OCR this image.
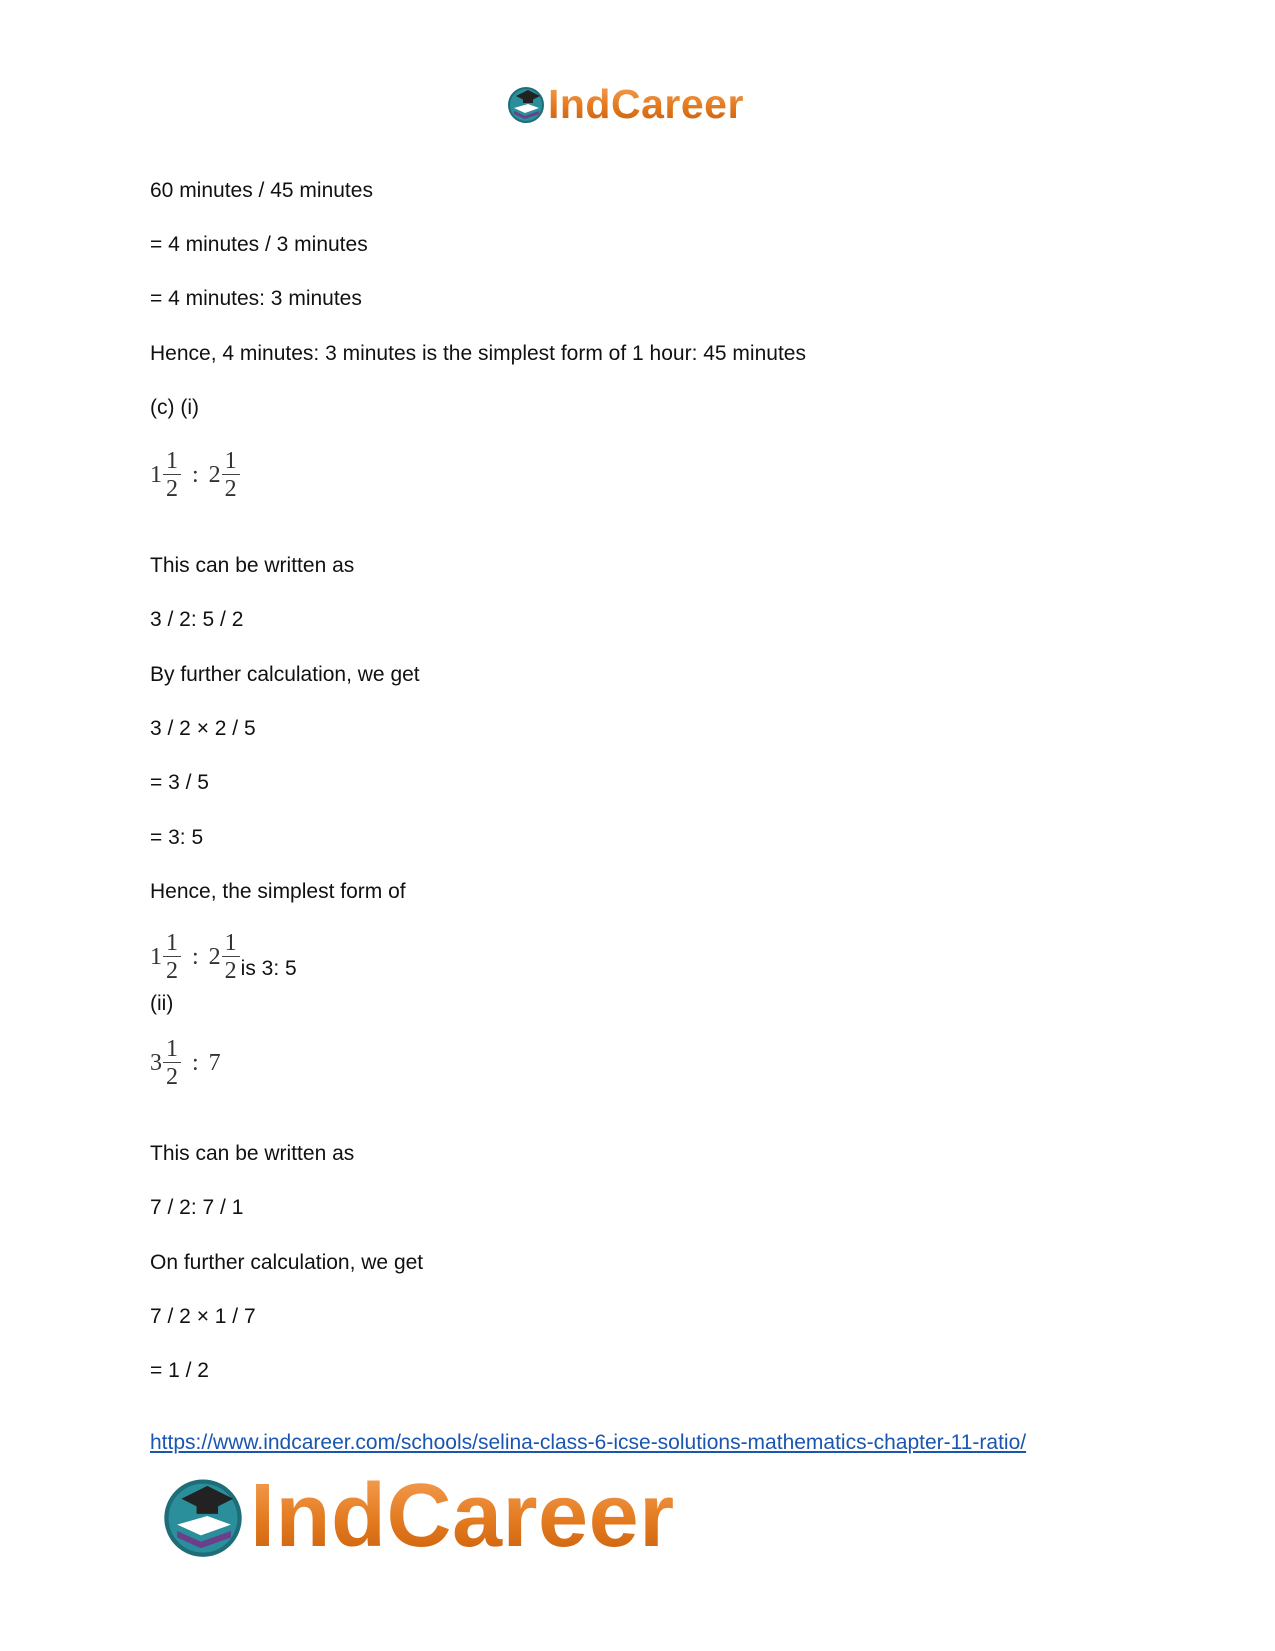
IndCareer
60 minutes / 45 minutes
= 4 minutes / 3 minutes
= 4 minutes: 3 minutes
Hence, 4 minutes: 3 minutes is the simplest form of 1 hour: 45 minutes
(c) (i)
$1 \frac{1}{2}$ : $2 \frac{1}{2}$
This can be written as
3 / 2: 5 / 2
By further calculation, we get
3 / 2 × 2 / 5
= 3 / 5
= 3: 5
Hence, the simplest form of
$1 \frac{1}{2}$ : $2 \frac{1}{2}$ is 3: 5
(ii)
$3 \frac{1}{2}$ : 7
This can be written as
7 / 2: 7 / 1
On further calculation, we get
7 / 2 × 1 / 7
= 1 / 2
https://www.indcareer.com/schools/selina-class-6-icse-solutions-mathematics-chapter-11-ratio/
IndCareer
